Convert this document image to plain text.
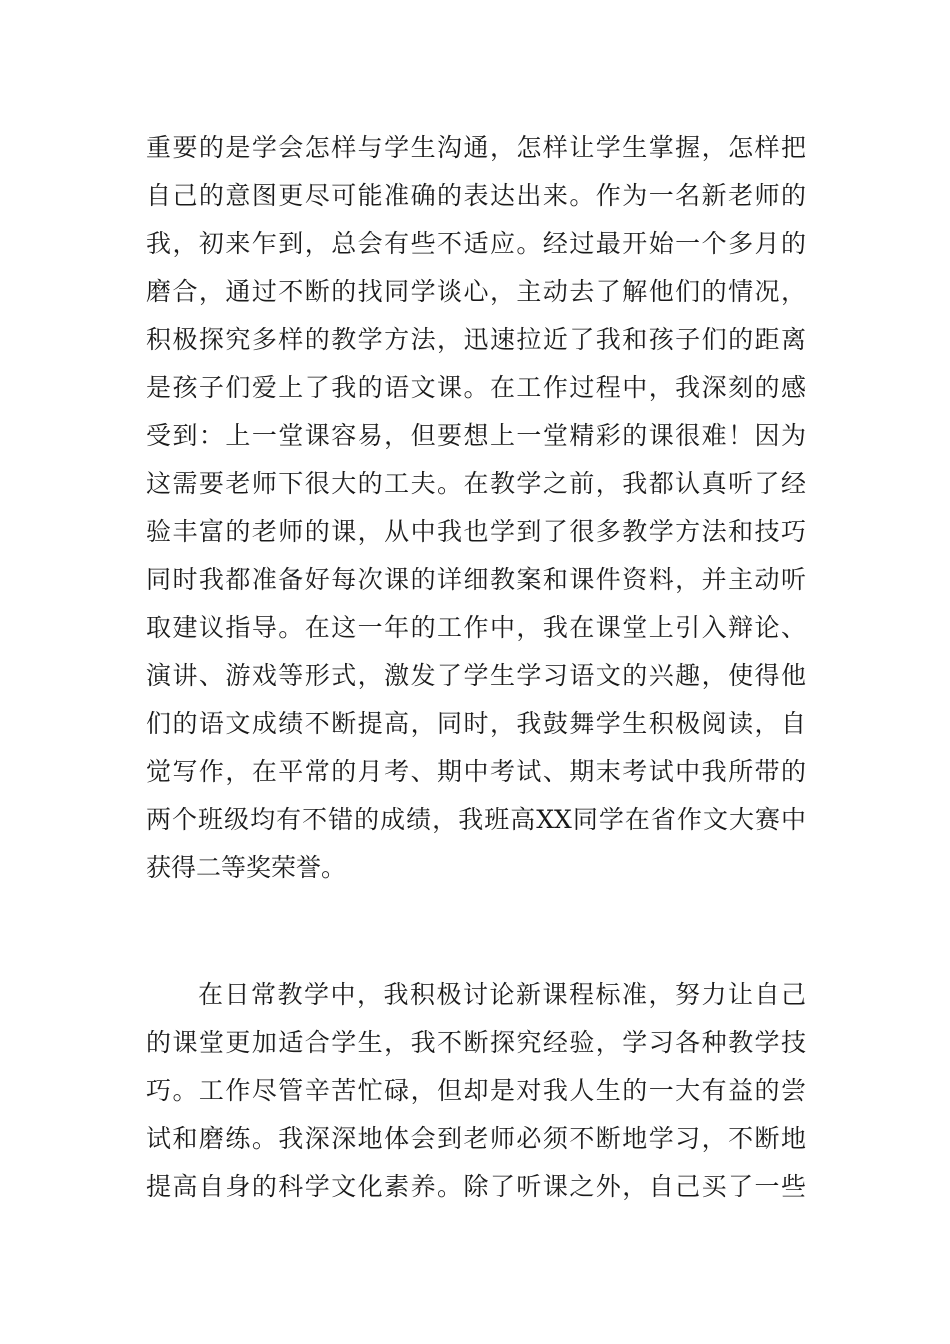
重要的是学会怎样与学生沟通，怎样让学生掌握，怎样把
自己的意图更尽可能准确的表达出来。作为一名新老师的
我，初来乍到，总会有些不适应。经过最开始一个多月的
磨合，通过不断的找同学谈心，主动去了解他们的情况，
积极探究多样的教学方法，迅速拉近了我和孩子们的距离
是孩子们爱上了我的语文课。在工作过程中，我深刻的感
受到：上一堂课容易，但要想上一堂精彩的课很难！因为
这需要老师下很大的工夫。在教学之前，我都认真听了经
验丰富的老师的课，从中我也学到了很多教学方法和技巧
同时我都准备好每次课的详细教案和课件资料，并主动听
取建议指导。在这一年的工作中，我在课堂上引入辩论、
演讲、游戏等形式，激发了学生学习语文的兴趣，使得他
们的语文成绩不断提高，同时，我鼓舞学生积极阅读，自
觉写作，在平常的月考、期中考试、期末考试中我所带的
两个班级均有不错的成绩，我班高XX同学在省作文大赛中
获得二等奖荣誉。
在日常教学中，我积极讨论新课程标准，努力让自己
的课堂更加适合学生，我不断探究经验，学习各种教学技
巧。工作尽管辛苦忙碌，但却是对我人生的一大有益的尝
试和磨练。我深深地体会到老师必须不断地学习，不断地
提高自身的科学文化素养。除了听课之外，自己买了一些
